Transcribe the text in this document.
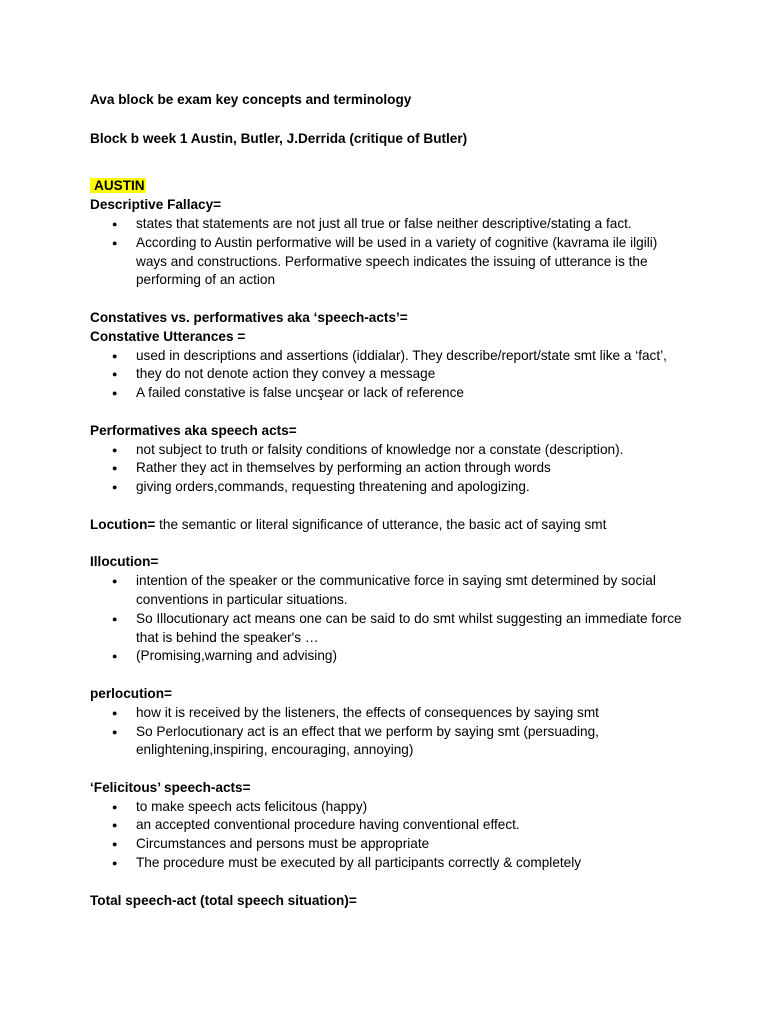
Ava block be exam key concepts and terminology

Block b week 1 Austin, Butler, J.Derrida (critique of Butler)

AUSTIN

Descriptive Fallacy=

● states that statements are not just all true or false neither descriptive/stating a fact.
● According to Austin performative will be used in a variety of cognitive (kavrama ile ilgili) ways and constructions. Performative speech indicates the issuing of utterance is the performing of an action

Constatives vs. performatives aka ‘speech-acts’=

Constative Utterances =

● used in descriptions and assertions (iddialar). They describe/report/state smt like a ‘fact’,
● they do not denote action they convey a message
● A failed constative is false uncşear or lack of reference

Performatives aka speech acts=

● not subject to truth or falsity conditions of knowledge nor a constate (description).
● Rather they act in themselves by performing an action through words
● giving orders,commands, requesting threatening and apologizing.

Locution= the semantic or literal significance of utterance, the basic act of saying smt

Illocution=

● intention of the speaker or the communicative force in saying smt determined by social conventions in particular situations.
● So Illocutionary act means one can be said to do smt whilst suggesting an immediate force that is behind the speaker's …
● (Promising,warning and advising)

perlocution=

● how it is received by the listeners, the effects of consequences by saying smt
● So Perlocutionary act is an effect that we perform by saying smt (persuading, enlightening,inspiring, encouraging, annoying)

‘Felicitous’ speech-acts=

● to make speech acts felicitous (happy)
● an accepted conventional procedure having conventional effect.
● Circumstances and persons must be appropriate
● The procedure must be executed by all participants correctly & completely

Total speech-act (total speech situation)=
